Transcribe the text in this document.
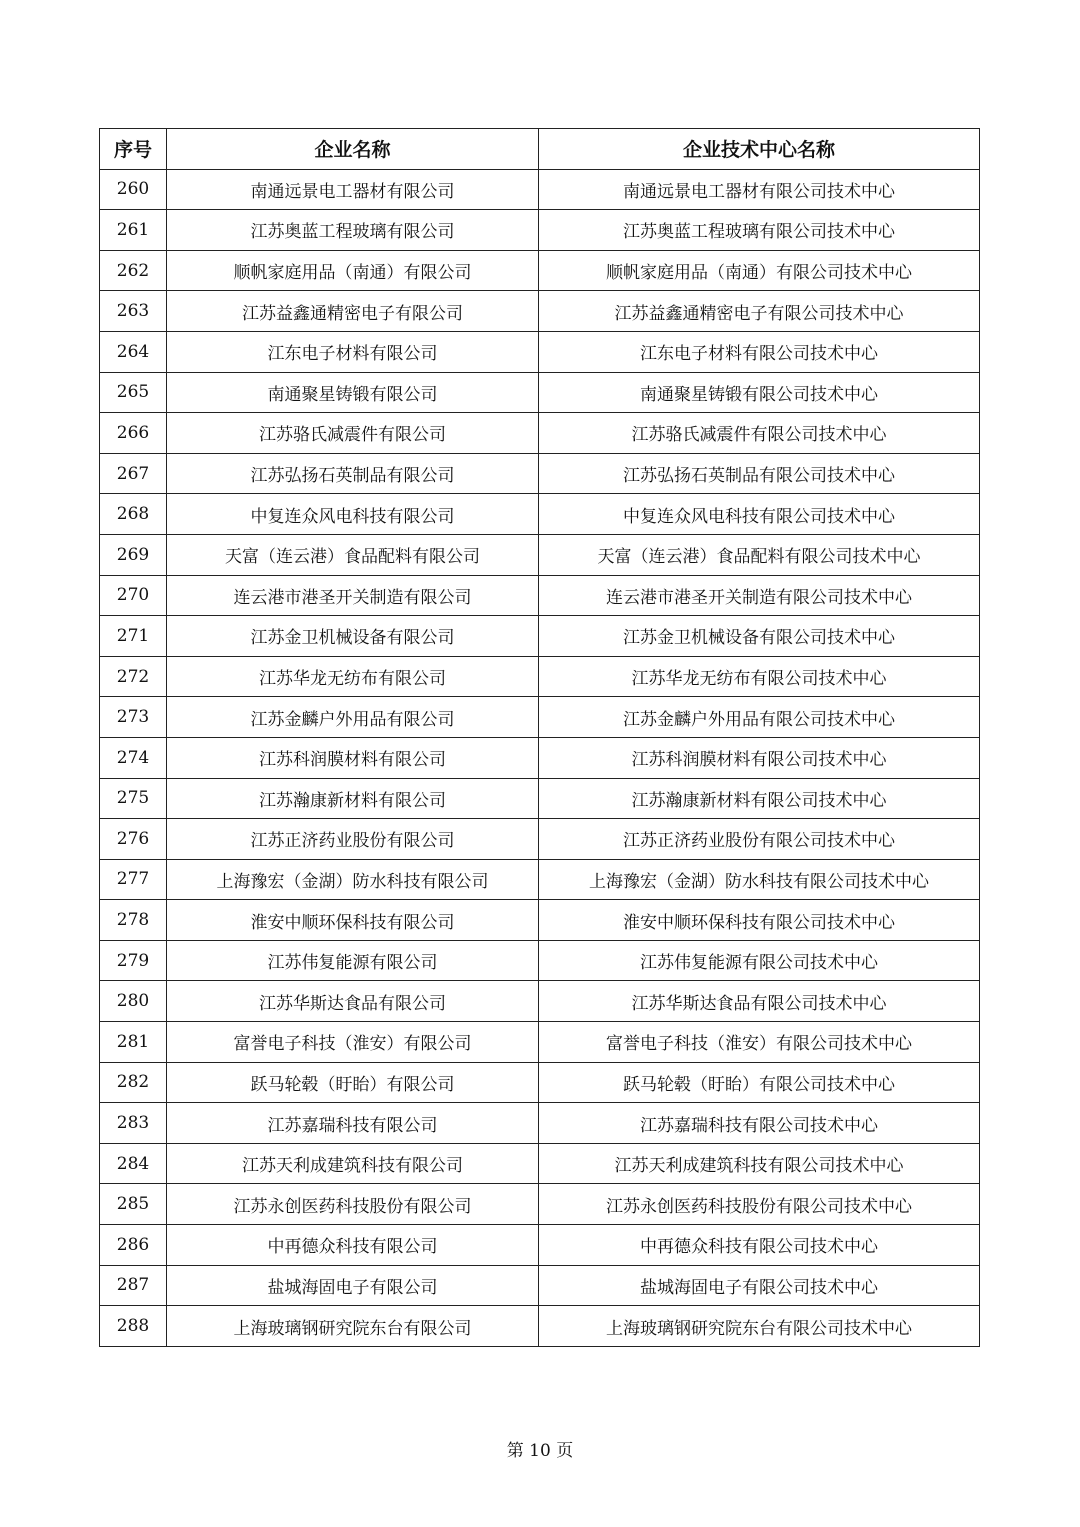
序号	企业名称	企业技术中心名称
260	南通远景电工器材有限公司	南通远景电工器材有限公司技术中心
261	江苏奥蓝工程玻璃有限公司	江苏奥蓝工程玻璃有限公司技术中心
262	顺帆家庭用品（南通）有限公司	顺帆家庭用品（南通）有限公司技术中心
263	江苏益鑫通精密电子有限公司	江苏益鑫通精密电子有限公司技术中心
264	江东电子材料有限公司	江东电子材料有限公司技术中心
265	南通聚星铸锻有限公司	南通聚星铸锻有限公司技术中心
266	江苏骆氏减震件有限公司	江苏骆氏减震件有限公司技术中心
267	江苏弘扬石英制品有限公司	江苏弘扬石英制品有限公司技术中心
268	中复连众风电科技有限公司	中复连众风电科技有限公司技术中心
269	天富（连云港）食品配料有限公司	天富（连云港）食品配料有限公司技术中心
270	连云港市港圣开关制造有限公司	连云港市港圣开关制造有限公司技术中心
271	江苏金卫机械设备有限公司	江苏金卫机械设备有限公司技术中心
272	江苏华龙无纺布有限公司	江苏华龙无纺布有限公司技术中心
273	江苏金麟户外用品有限公司	江苏金麟户外用品有限公司技术中心
274	江苏科润膜材料有限公司	江苏科润膜材料有限公司技术中心
275	江苏瀚康新材料有限公司	江苏瀚康新材料有限公司技术中心
276	江苏正济药业股份有限公司	江苏正济药业股份有限公司技术中心
277	上海豫宏（金湖）防水科技有限公司	上海豫宏（金湖）防水科技有限公司技术中心
278	淮安中顺环保科技有限公司	淮安中顺环保科技有限公司技术中心
279	江苏伟复能源有限公司	江苏伟复能源有限公司技术中心
280	江苏华斯达食品有限公司	江苏华斯达食品有限公司技术中心
281	富誉电子科技（淮安）有限公司	富誉电子科技（淮安）有限公司技术中心
282	跃马轮毂（盱眙）有限公司	跃马轮毂（盱眙）有限公司技术中心
283	江苏嘉瑞科技有限公司	江苏嘉瑞科技有限公司技术中心
284	江苏天利成建筑科技有限公司	江苏天利成建筑科技有限公司技术中心
285	江苏永创医药科技股份有限公司	江苏永创医药科技股份有限公司技术中心
286	中再德众科技有限公司	中再德众科技有限公司技术中心
287	盐城海固电子有限公司	盐城海固电子有限公司技术中心
288	上海玻璃钢研究院东台有限公司	上海玻璃钢研究院东台有限公司技术中心
第 10 页
